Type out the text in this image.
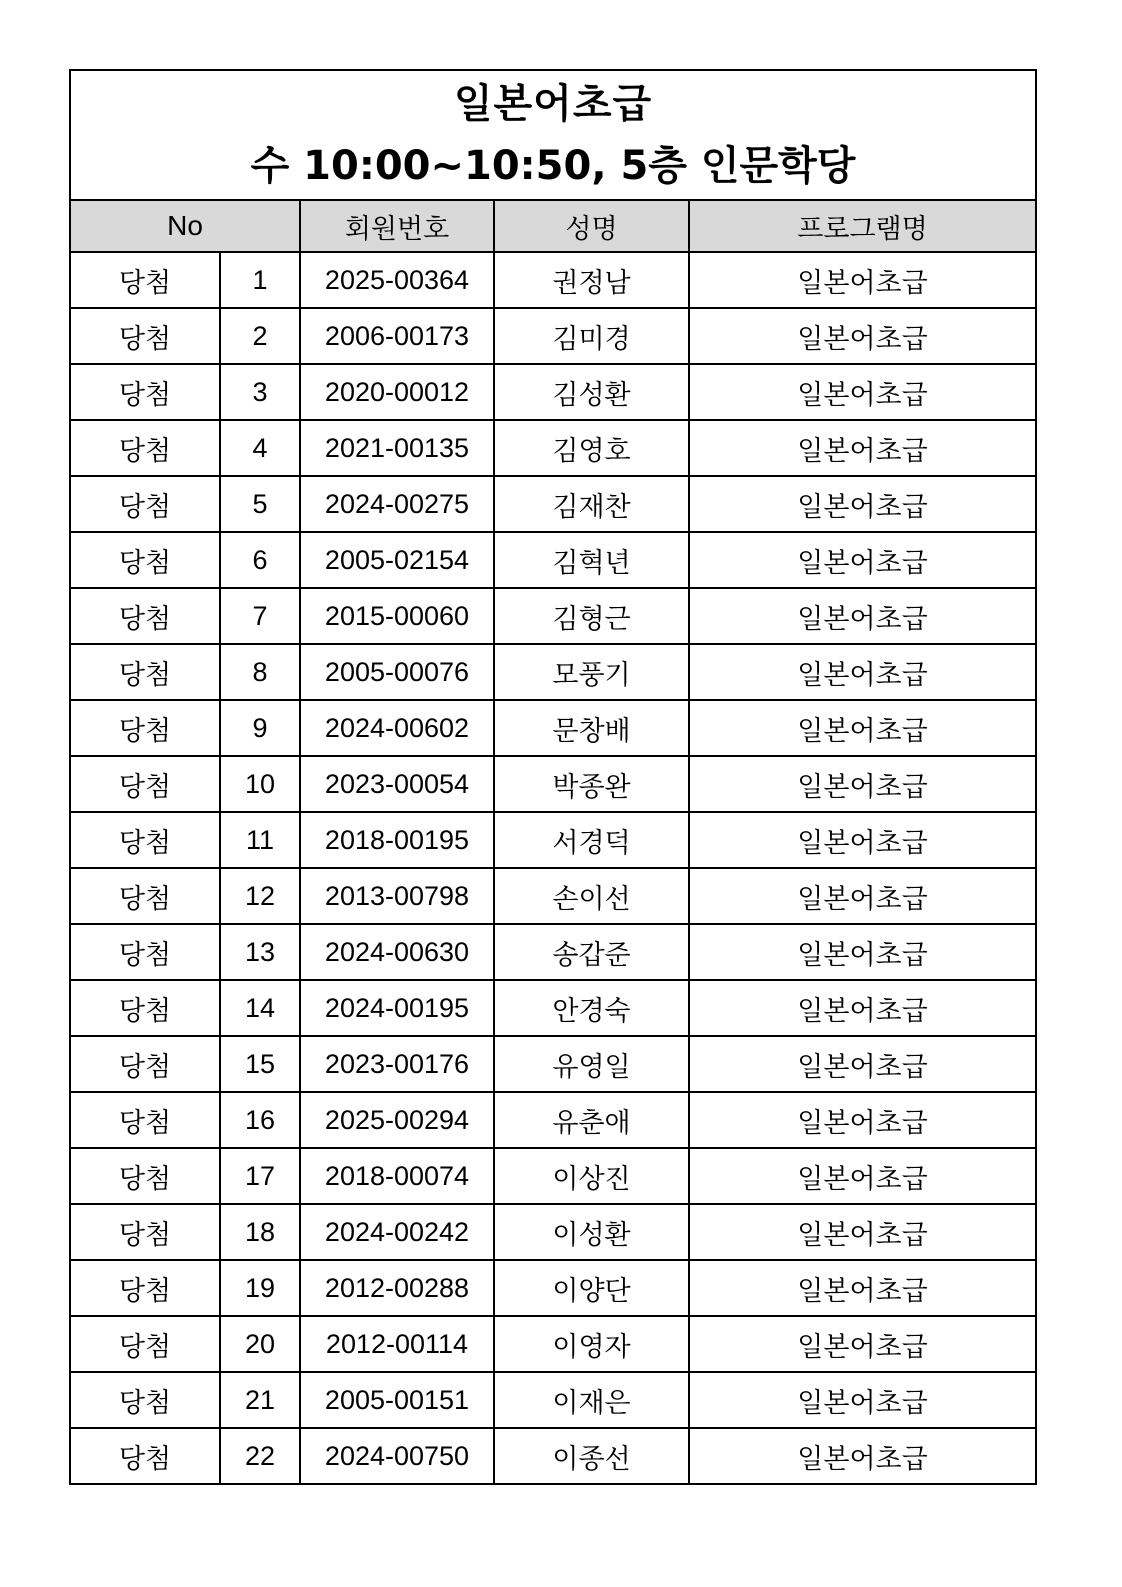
일본어초급
수 10:00~10:50, 5층 인문학당				

No		회원번호	성명	프로그램명
당첨	1	2025-00364	권정남	일본어초급
당첨	2	2006-00173	김미경	일본어초급
당첨	3	2020-00012	김성환	일본어초급
당첨	4	2021-00135	김영호	일본어초급
당첨	5	2024-00275	김재찬	일본어초급
당첨	6	2005-02154	김혁년	일본어초급
당첨	7	2015-00060	김형근	일본어초급
당첨	8	2005-00076	모풍기	일본어초급
당첨	9	2024-00602	문창배	일본어초급
당첨	10	2023-00054	박종완	일본어초급
당첨	11	2018-00195	서경덕	일본어초급
당첨	12	2013-00798	손이선	일본어초급
당첨	13	2024-00630	송갑준	일본어초급
당첨	14	2024-00195	안경숙	일본어초급
당첨	15	2023-00176	유영일	일본어초급
당첨	16	2025-00294	유춘애	일본어초급
당첨	17	2018-00074	이상진	일본어초급
당첨	18	2024-00242	이성환	일본어초급
당첨	19	2012-00288	이양단	일본어초급
당첨	20	2012-00114	이영자	일본어초급
당첨	21	2005-00151	이재은	일본어초급
당첨	22	2024-00750	이종선	일본어초급
